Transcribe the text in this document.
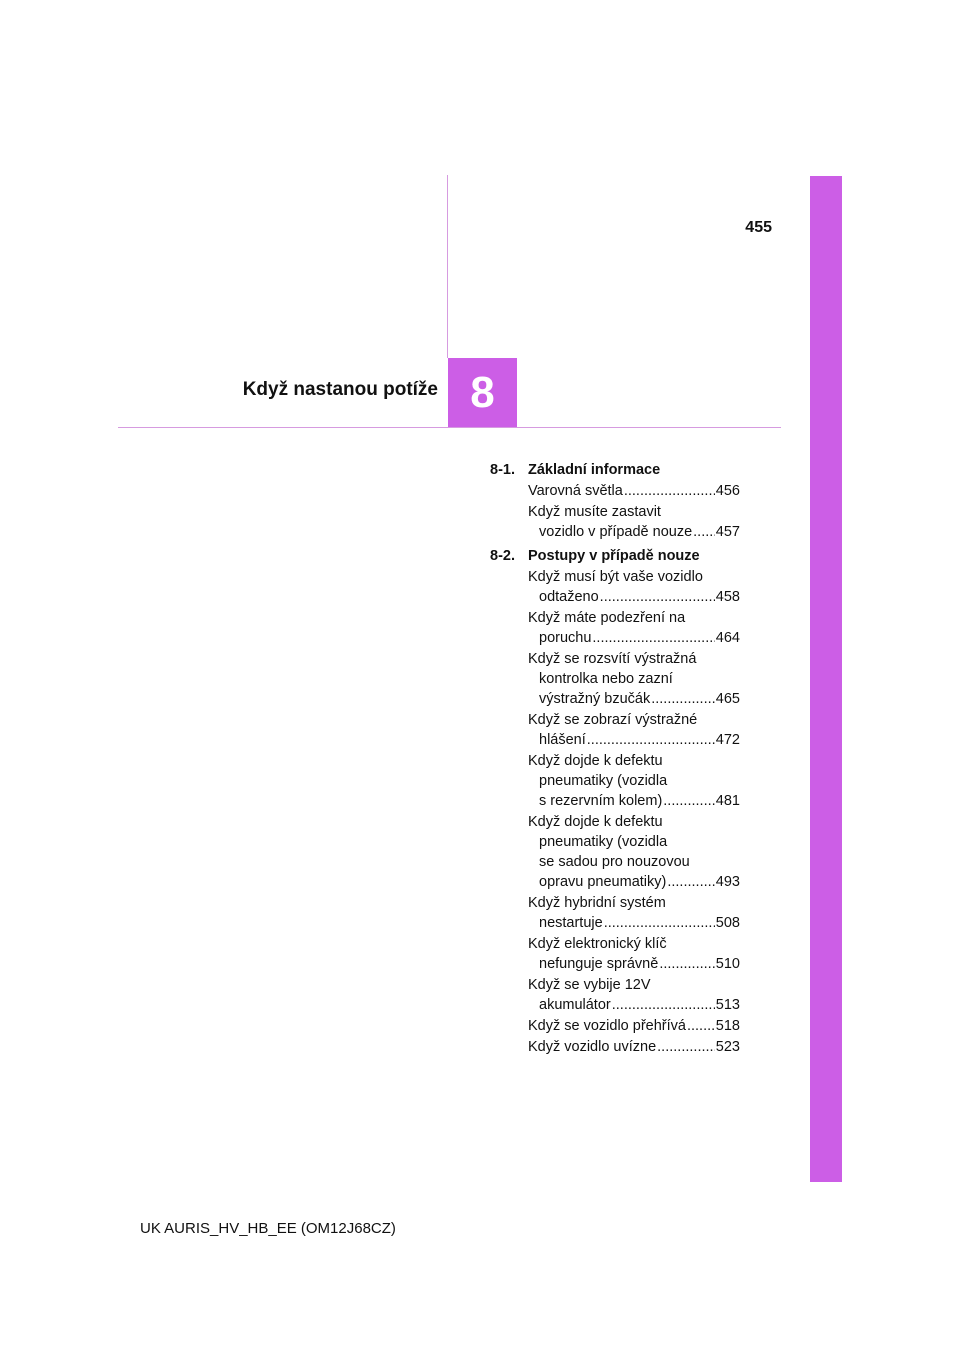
455
Když nastanou potíže 8
8-1. Základní informace
Varovná světla .....	456
Když musíte zastavit
vozidlo v případě nouze ..... 457
8-2. Postupy v případě nouze
Když musí být vaše vozidlo
odtaženo .....	458
Když máte podezření na
poruchu .....	464
Když se rozsvítí výstražná
kontrolka nebo zazní
výstražný bzučák .....	465
Když se zobrazí výstražné
hlášení .....	472
Když dojde k defektu
pneumatiky (vozidla
s rezervním kolem) .....	481
Když dojde k defektu
pneumatiky (vozidla
se sadou pro nouzovou
opravu pneumatiky) .....	493
Když hybridní systém
nestartuje .....	508
Když elektronický klíč
nefunguje správně .....	510
Když se vybije 12V
akumulátor .....	513
Když se vozidlo přehřívá ..... 518
Když vozidlo uvízne .....	523
UK AURIS_HV_HB_EE (OM12J68CZ)
